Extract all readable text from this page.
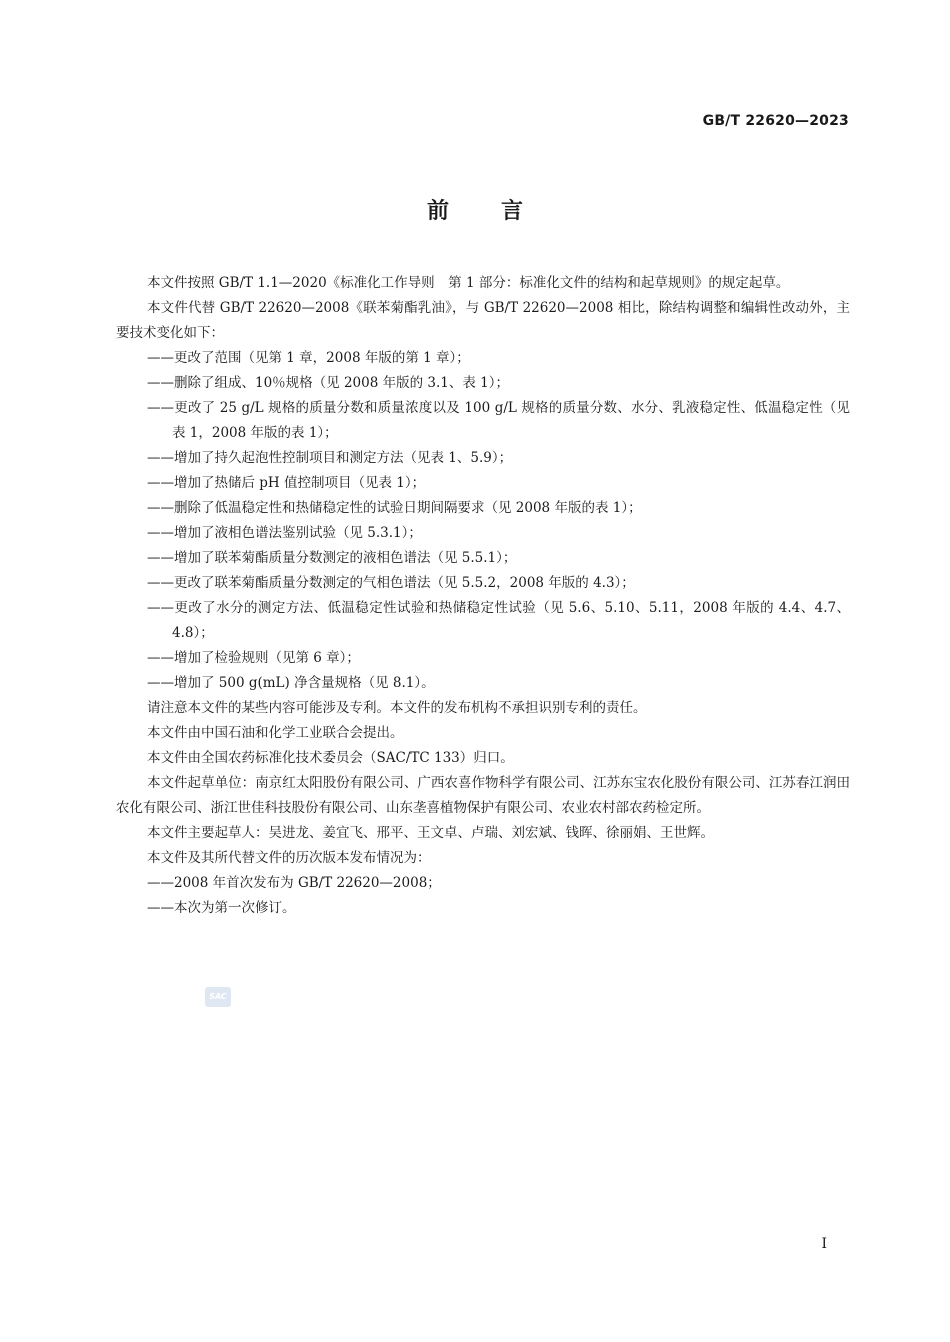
GB/T 22620—2023
前言

本文件按照 GB/T 1.1—2020《标准化工作导则　第 1 部分：标准化文件的结构和起草规则》的规定起草。

本文件代替 GB/T 22620—2008《联苯菊酯乳油》，与 GB/T 22620—2008 相比，除结构调整和编辑性改动外，主要技术变化如下：

——更改了范围（见第 1 章，2008 年版的第 1 章）；

——删除了组成、10％规格（见 2008 年版的 3.1、表 1）；

——更改了 25 g/L 规格的质量分数和质量浓度以及 100 g/L 规格的质量分数、水分、乳液稳定性、低温稳定性（见表 1，2008 年版的表 1）；

——增加了持久起泡性控制项目和测定方法（见表 1、5.9）；

——增加了热储后 pH 值控制项目（见表 1）；

——删除了低温稳定性和热储稳定性的试验日期间隔要求（见 2008 年版的表 1）；

——增加了液相色谱法鉴别试验（见 5.3.1）；

——增加了联苯菊酯质量分数测定的液相色谱法（见 5.5.1）；

——更改了联苯菊酯质量分数测定的气相色谱法（见 5.5.2，2008 年版的 4.3）；

——更改了水分的测定方法、低温稳定性试验和热储稳定性试验（见 5.6、5.10、5.11，2008 年版的 4.4、4.7、4.8）；

——增加了检验规则（见第 6 章）；

——增加了 500 g(mL) 净含量规格（见 8.1）。

请注意本文件的某些内容可能涉及专利。本文件的发布机构不承担识别专利的责任。

本文件由中国石油和化学工业联合会提出。

本文件由全国农药标准化技术委员会（SAC/TC 133）归口。

本文件起草单位：南京红太阳股份有限公司、广西农喜作物科学有限公司、江苏东宝农化股份有限公司、江苏春江润田农化有限公司、浙江世佳科技股份有限公司、山东垄喜植物保护有限公司、农业农村部农药检定所。

本文件主要起草人：吴进龙、姜宜飞、邢平、王文卓、卢瑞、刘宏斌、钱晖、徐丽娟、王世辉。

本文件及其所代替文件的历次版本发布情况为：

——2008 年首次发布为 GB/T 22620—2008；

——本次为第一次修订。

SAC
I
